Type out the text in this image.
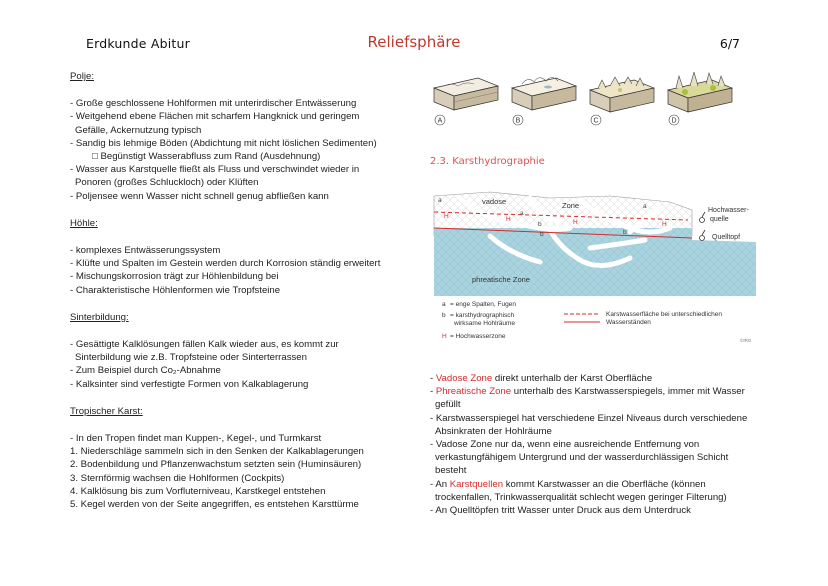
Erdkunde Abitur	Reliefsphäre	6/7
Polje:
- Große geschlossene Hohlformen mit unterirdischer Entwässerung
- Weitgehend ebene Flächen mit scharfem Hangknick und geringem
Gefälle, Ackernutzung typisch
- Sandig bis lehmige Böden (Abdichtung mit nicht löslichen Sedimenten)
□ Begünstigt Wasserabfluss zum Rand (Ausdehnung)
- Wasser aus Karstquelle fließt als Fluss und verschwindet wieder in
Ponoren (großes Schluckloch) oder Klüften
- Poljensee wenn Wasser nicht schnell genug abfließen kann
Höhle:
- komplexes Entwässerungssystem
- Klüfte und Spalten im Gestein werden durch Korrosion ständig erweitert
- Mischungskorrosion trägt zur Höhlenbildung bei
- Charakteristische Höhlenformen wie Tropfsteine
Sinterbildung:
- Gesättigte Kalklösungen fällen Kalk wieder aus, es kommt zur
Sinterbildung wie z.B. Tropfsteine oder Sinterterrassen
- Zum Beispiel durch Co₂-Abnahme
- Kalksinter sind verfestigte Formen von Kalkablagerung
Tropischer Karst:
- In den Tropen findet man Kuppen-, Kegel-, und Turmkarst
1. Niederschläge sammeln sich in den Senken der Kalkablagerungen
2. Bodenbildung und Pflanzenwachstum setzten sein (Huminsäuren)
3. Sternförmig wachsen die Hohlformen (Cockpits)
4. Kalklösung bis zum Vorfluterniveau, Karstkegel entstehen
5. Kegel werden von der Seite angegriffen, es entstehen Karsttürme
A	B	C	D
2.3. Karsthydrographie
vadose	Zone
phreatische Zone
Hochwasser-
quelle
Quelltopf
a
a
a
b
b
b
H	H	H	H
a = enge Spalten, Fugen
b = karsthydrographisch
wirksame Hohlräume
H = Hochwasserzone
Karstwasserfläche bei unterschiedlichen
Wasserständen
©IRG
- Vadose Zone direkt unterhalb der Karst Oberfläche
- Phreatische Zone unterhalb des Karstwasserspiegels, immer mit Wasser
gefüllt
- Karstwasserspiegel hat verschiedene Einzel Niveaus durch verschiedene
Absinkraten der Hohlräume
- Vadose Zone nur da, wenn eine ausreichende Entfernung von
verkastungfähigem Untergrund und der wasserdurchlässigen Schicht
besteht
- An Karstquellen kommt Karstwasser an die Oberfläche (können
trockenfallen, Trinkwasserqualität schlecht wegen geringer Filterung)
- An Quelltöpfen tritt Wasser unter Druck aus dem Unterdruck
